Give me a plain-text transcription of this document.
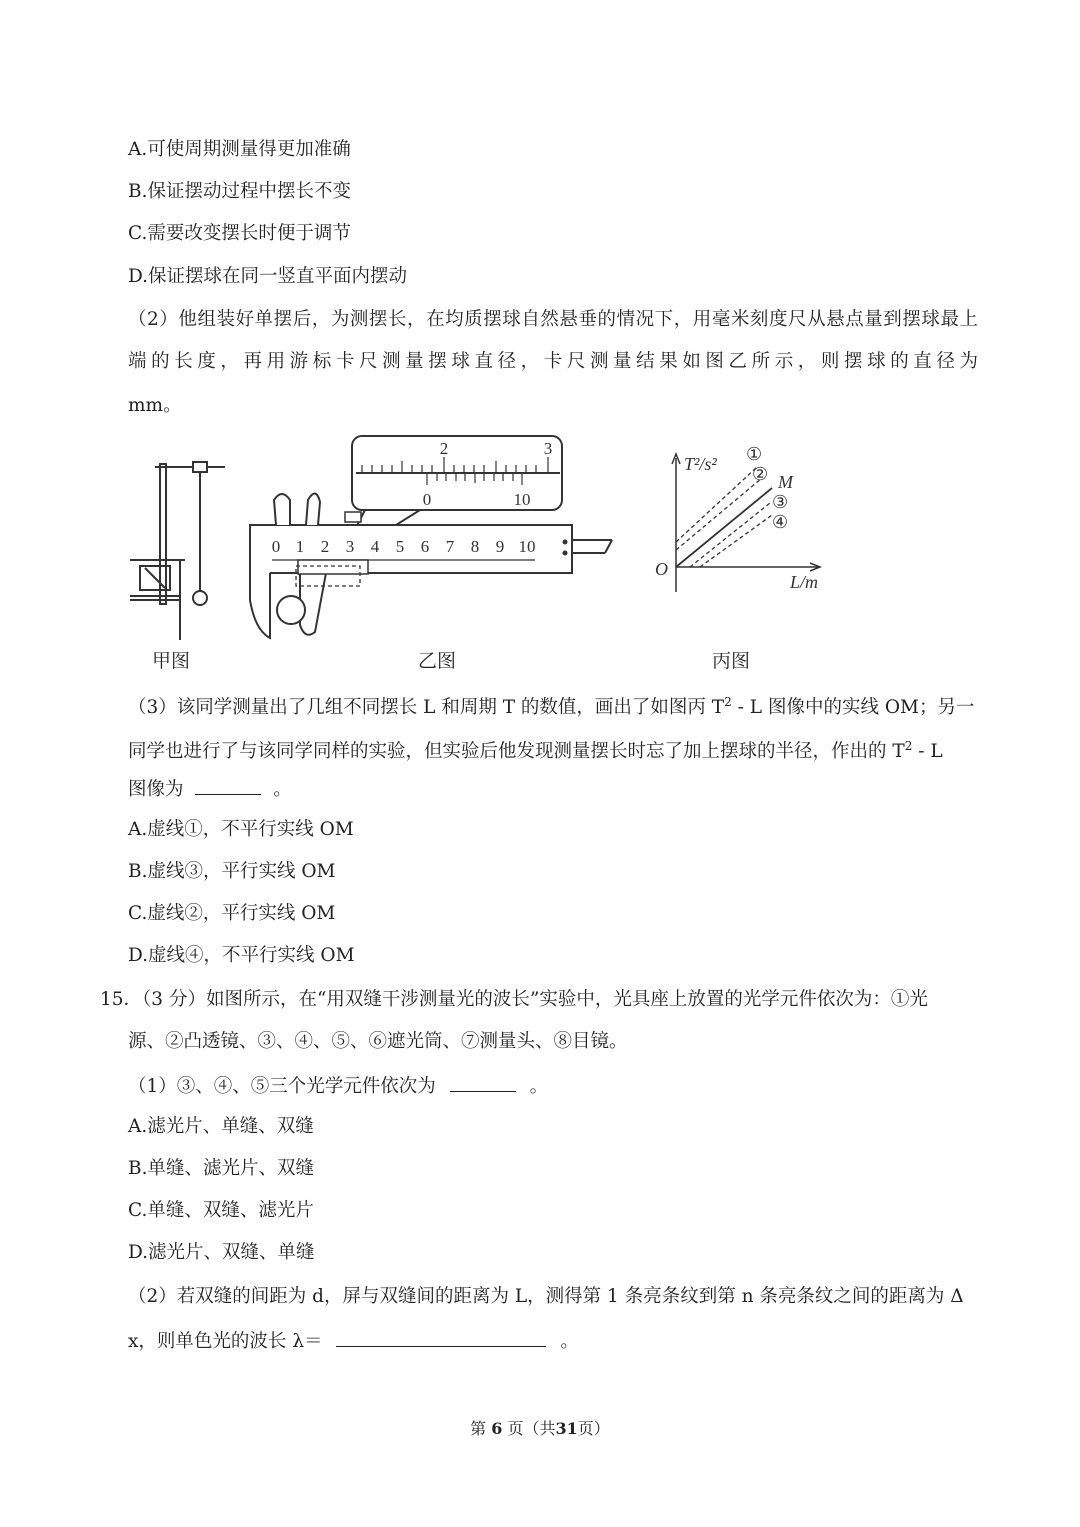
A.可使周期测量得更加准确
B.保证摆动过程中摆长不变
C.需要改变摆长时便于调节
D.保证摆球在同一竖直平面内摆动
（2）他组装好单摆后，为测摆长，在均质摆球自然悬垂的情况下，用毫米刻度尺从悬点量到摆球最上
端的长度，再用游标卡尺测量摆球直径，卡尺测量结果如图乙所示，则摆球的直径为
mm。
0 1 2 3 4 5 6 7 8 9 10
2	3
0	10
T²/s²
L/m
O
M
①
②
③
④
甲图	乙图	丙图
（3）该同学测量出了几组不同摆长 L 和周期 T 的数值，画出了如图丙 $T^2$ - L 图像中的实线 OM；另一
同学也进行了与该同学同样的实验，但实验后他发现测量摆长时忘了加上摆球的半径，作出的 $T^2$ - L
图像为	。
A.虚线①，不平行实线 OM
B.虚线③，平行实线 OM
C.虚线②，平行实线 OM
D.虚线④，不平行实线 OM
15．（3 分）如图所示，在“用双缝干涉测量光的波长”实验中，光具座上放置的光学元件依次为：①光
源、②凸透镜、③、④、⑤、⑥遮光筒、⑦测量头、⑧目镜。
（1）③、④、⑤三个光学元件依次为	。
A.滤光片、单缝、双缝
B.单缝、滤光片、双缝
C.单缝、双缝、滤光片
D.滤光片、双缝、单缝
（2）若双缝的间距为 d，屏与双缝间的距离为 L，测得第 1 条亮条纹到第 n 条亮条纹之间的距离为 Δ
x，则单色光的波长 λ＝	。
第 6 页（共31页）
